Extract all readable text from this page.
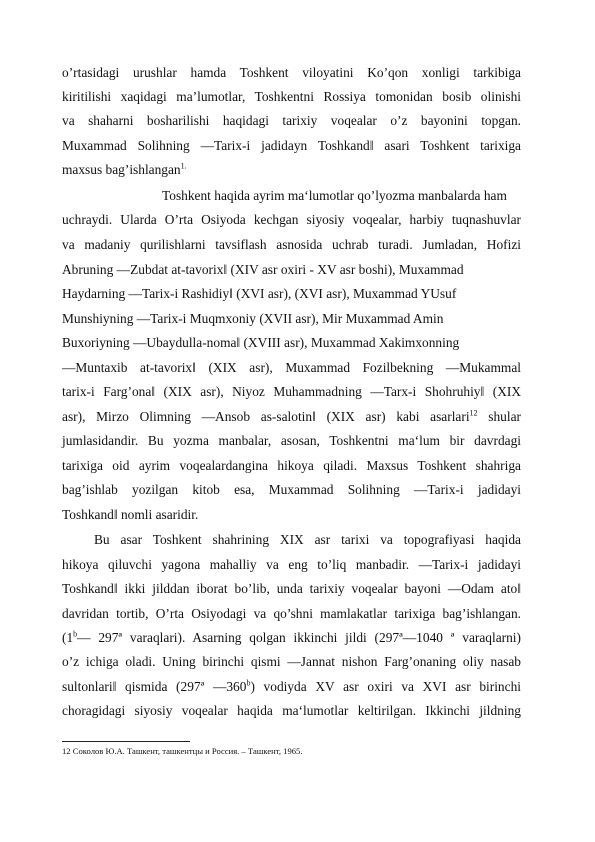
o’rtasidagi urushlar hamda Toshkent viloyatini Ko’qon xonligi tarkibiga
kiritilishi xaqidagi ma’lumotlar, Toshkentni Rossiya tomonidan bosib olinishi
va shaharni bosharilishi haqidagi tarixiy voqealar o’z bayonini topgan.
Muxammad Solihning —Tarix-i jadidayn Toshkand‖ asari Toshkent tarixiga
maxsus bag’ishlangan$^{1.}$
Toshkent haqida ayrim ma‘lumotlar qo’lyozma manbalarda ham
uchraydi. Ularda O’rta Osiyoda kechgan siyosiy voqealar, harbiy tuqnashuvlar
va madaniy qurilishlarni tavsiflash asnosida uchrab turadi. Jumladan, Hofizi
Abruning —Zubdat at-tavorix‖ (XIV asr oxiri - XV asr boshi), Muxammad
Haydarning —Tarix-i Rashidiy‖ (XVI asr), (XVI asr), Muxammad YUsuf
Munshiyning —Tarix-i Muqmxoniy (XVII asr), Mir Muxammad Amin
Buxoriyning —Ubaydulla-noma‖ (XVIII asr), Muxammad Xakimxonning
—Muntaxib at-tavorix‖ (XIX asr), Muxammad Fozilbekning —Mukammal
tarix-i Farg’ona‖ (XIX asr), Niyoz Muhammadning —Tarx-i Shohruhiy‖ (XIX
asr), Mirzo Olimning —Ansob as-salotin‖ (XIX asr) kabi asarlari$^{12}$ shular
jumlasidandir. Bu yozma manbalar, asosan, Toshkentni ma‘lum bir davrdagi
tarixiga oid ayrim voqealardangina hikoya qiladi. Maxsus Toshkent shahriga
bag’ishlab yozilgan kitob esa, Muxammad Solihning —Tarix-i jadidayi
Toshkand‖ nomli asaridir.
Bu asar Toshkent shahrining XIX asr tarixi va topografiyasi haqida
hikoya qiluvchi yagona mahalliy va eng to’liq manbadir. —Tarix-i jadidayi
Toshkand‖ ikki jilddan iborat bo’lib, unda tarixiy voqealar bayoni —Odam ato‖
davridan tortib, O’rta Osiyodagi va qo’shni mamlakatlar tarixiga bag’ishlangan.
(1$^b$— 297ª varaqlari). Asarning qolgan ikkinchi jildi (297ª—1040 ª varaqlarni)
o’z ichiga oladi. Uning birinchi qismi —Jannat nishon Farg’onaning oliy nasab
sultonlari‖ qismida (297ª —360$^b$) vodiyda XV asr oxiri va XVI asr birinchi
choragidagi siyosiy voqealar haqida ma‘lumotlar keltirilgan. Ikkinchi jildning
12 Соколов Ю.А. Ташкент, ташкентцы и Россия. – Ташкент, 1965.
